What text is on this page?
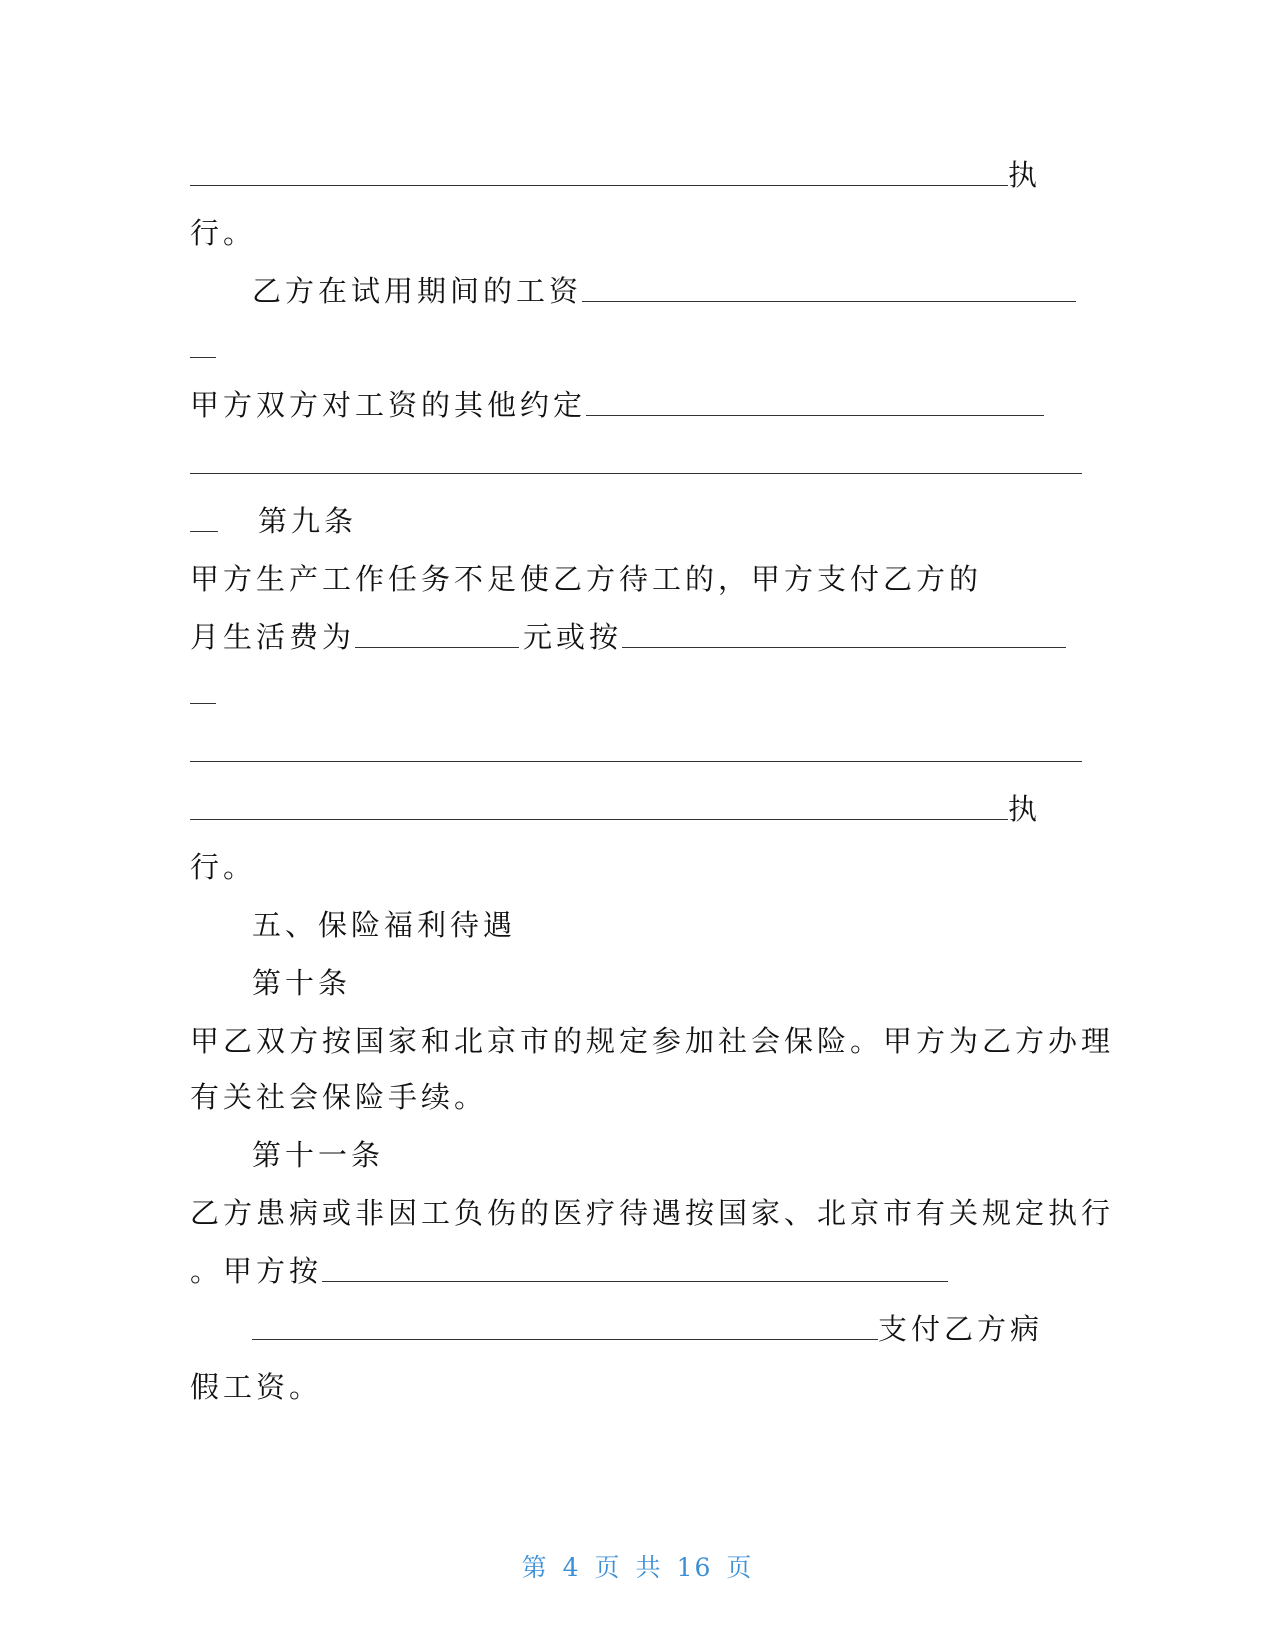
执
行。
乙方在试用期间的工资
甲方双方对工资的其他约定
第九条
甲方生产工作任务不足使乙方待工的，甲方支付乙方的
月生活费为	元或按
执
行。
五、保险福利待遇
第十条
甲乙双方按国家和北京市的规定参加社会保险。甲方为乙方办理
有关社会保险手续。
第十一条
乙方患病或非因工负伤的医疗待遇按国家、北京市有关规定执行
。甲方按
支付乙方病
假工资。
第 4 页 共 16 页
